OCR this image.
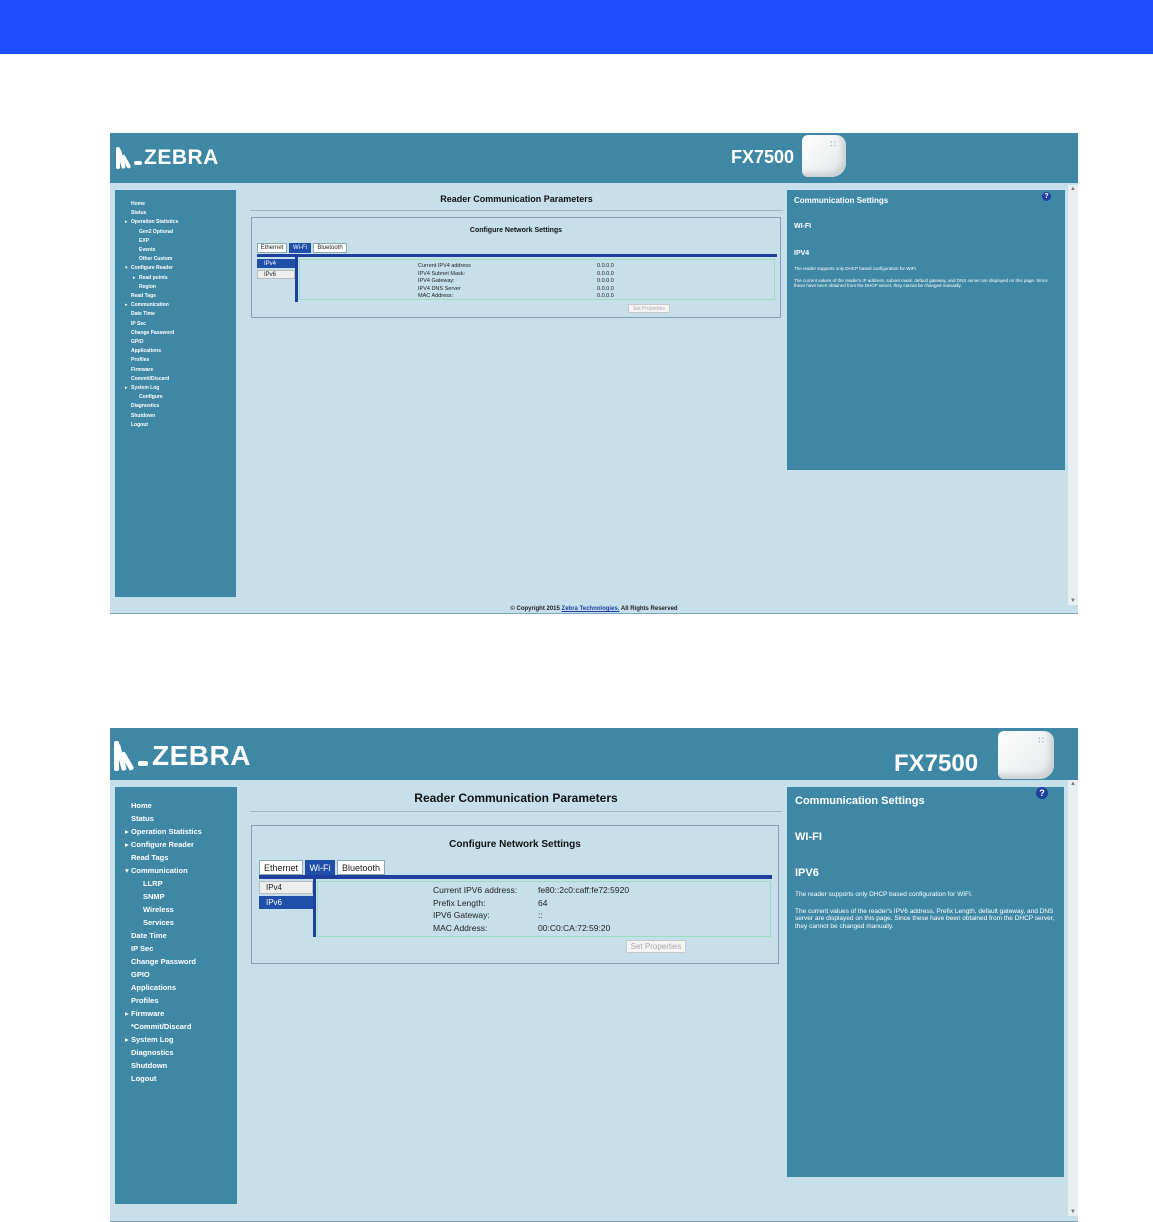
ZEBRA	FX7500
∷
Home
Status
▸ Operation Statistics
Gen2 Optional
EXP
Events
Other Custom
▾ Configure Reader
▸ Read points
Region
Read Tags
▸ Communication
Date Time
IP Sec
Change Password
GPIO
Applications
Profiles
Firmware
Commit/Discard
▸ System Log
Configure
Diagnostics
Shutdown
Logout
Reader Communication Parameters
Configure Network Settings
Ethernet	Wi-Fi	Bluetooth
IPv4
IPv6
Current IPV4 address	0.0.0.0
IPV4 Subnet Mask:	0.0.0.0
IPV4 Gateway:	0.0.0.0
IPV4 DNS Server	0.0.0.0
MAC Address:	0.0.0.0
Set Properties
?
Communication Settings
WI-FI
IPV4

The reader supports only DHCP based configuration for WIFI.

The current values of the reader's IP address, subnet mask, default gateway, and DNS server are displayed on this page. Since these have been obtained from the DHCP server, they cannot be changed manually.

▲
▼
© Copyright 2015 Zebra Technologies. All Rights Reserved
ZEBRA	FX7500
∷
Home
Status
▸ Operation Statistics
▸ Configure Reader
Read Tags
▾ Communication
LLRP
SNMP
Wireless
Services
Date Time
IP Sec
Change Password
GPIO
Applications
Profiles
▸ Firmware
*Commit/Discard
▸ System Log
Diagnostics
Shutdown
Logout
Reader Communication Parameters
Configure Network Settings
Ethernet	Wi-Fi	Bluetooth
IPv4
IPv6
Current IPV6 address: fe80::2c0:caff:fe72:5920
Prefix Length:	64
IPV6 Gateway:	::
MAC Address:	00:C0:CA:72:59:20
Set Properties
?
Communication Settings
WI-FI
IPV6

The reader supports only DHCP based configuration for WIFI.

The current values of the reader's IPV6 address, Prefix Length, default gateway, and DNS server are displayed on this page. Since these have been obtained from the DHCP server, they cannot be changed manually.

▲
▼
